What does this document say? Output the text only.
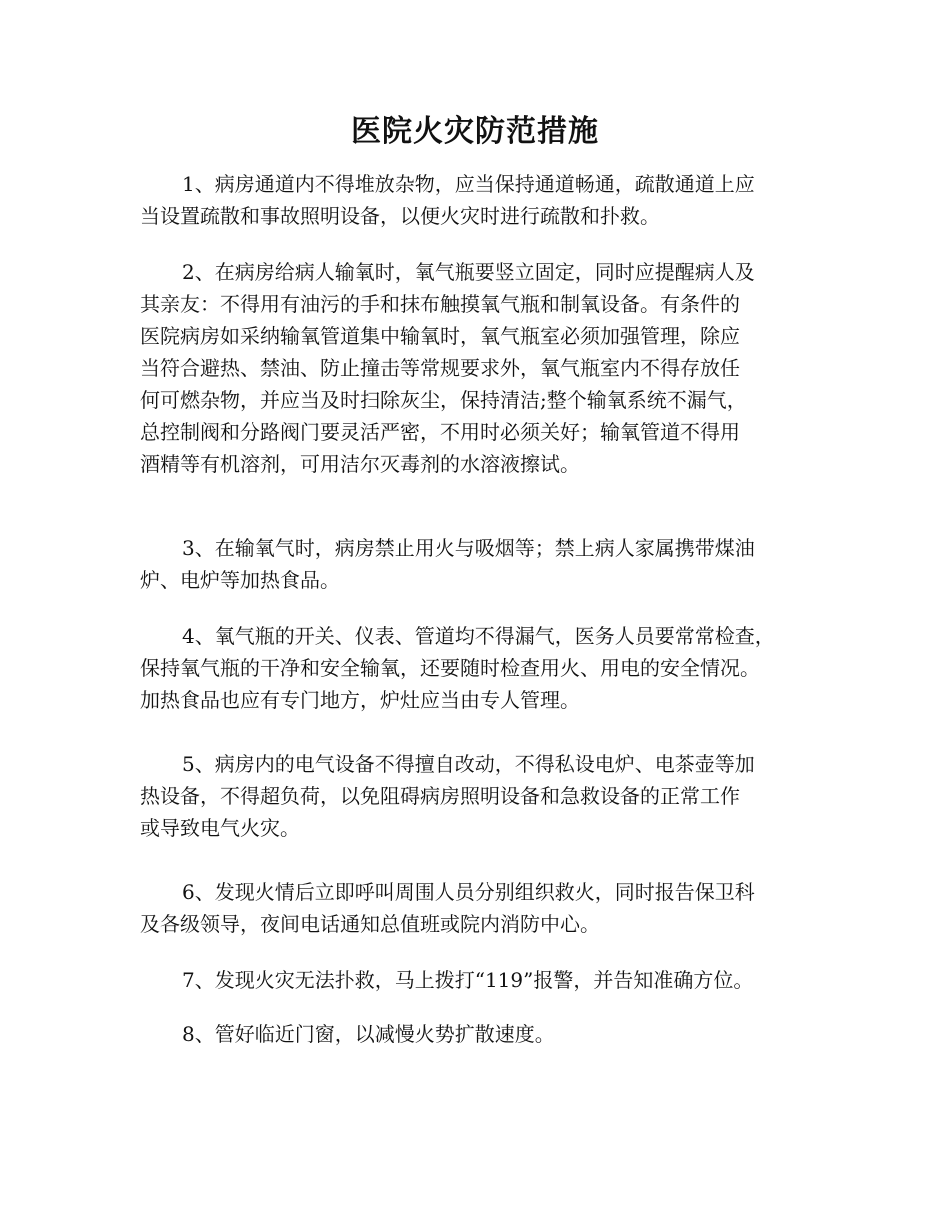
医院火灾防范措施
1、病房通道内不得堆放杂物，应当保持通道畅通，疏散通道上应
当设置疏散和事故照明设备，以便火灾时进行疏散和扑救。
2、在病房给病人输氧时，氧气瓶要竖立固定，同时应提醒病人及
其亲友：不得用有油污的手和抹布触摸氧气瓶和制氧设备。有条件的
医院病房如采纳输氧管道集中输氧时，氧气瓶室必须加强管理，除应
当符合避热、禁油、防止撞击等常规要求外，氧气瓶室内不得存放任
何可燃杂物，并应当及时扫除灰尘，保持清洁;整个输氧系统不漏气，
总控制阀和分路阀门要灵活严密，不用时必须关好；输氧管道不得用
酒精等有机溶剂，可用洁尔灭毒剂的水溶液擦试。
3、在输氧气时，病房禁止用火与吸烟等；禁上病人家属携带煤油
炉、电炉等加热食品。
4、氧气瓶的开关、仪表、管道均不得漏气，医务人员要常常检查，
保持氧气瓶的干净和安全输氧，还要随时检查用火、用电的安全情况。
加热食品也应有专门地方，炉灶应当由专人管理。
5、病房内的电气设备不得擅自改动，不得私设电炉、电茶壶等加
热设备，不得超负荷，以免阻碍病房照明设备和急救设备的正常工作
或导致电气火灾。
6、发现火情后立即呼叫周围人员分别组织救火，同时报告保卫科
及各级领导，夜间电话通知总值班或院内消防中心。
7、发现火灾无法扑救，马上拨打“119”报警，并告知准确方位。
8、管好临近门窗，以减慢火势扩散速度。
